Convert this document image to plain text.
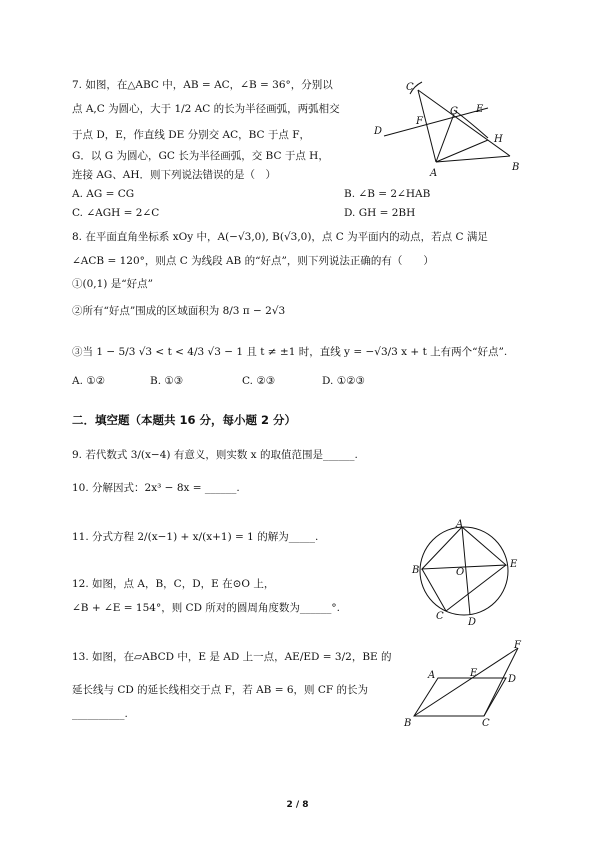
7. 如图，在△ABC 中，AB = AC，∠B = 36°，分别以
点 A,C 为圆心，大于 1/2 AC 的长为半径画弧，两弧相交
于点 D，E，作直线 DE 分别交 AC，BC 于点 F，
G．以 G 为圆心，GC 长为半径画弧，交 BC 于点 H，
连接 AG、AH．则下列说法错误的是（　）
A. AG = CG	B. ∠B = 2∠HAB
C. ∠AGH = 2∠C	D. GH = 2BH
C
D
F
G E
H
A
B
8. 在平面直角坐标系 xOy 中，A(−√3,0), B(√3,0)，点 C 为平面内的动点，若点 C 满足
∠ACB = 120°，则点 C 为线段 AB 的“好点”，则下列说法正确的有（　　）
①(0,1) 是“好点”
②所有“好点”围成的区域面积为 8/3 π − 2√3
③当 1 − 5/3 √3 < t < 4/3 √3 − 1 且 t ≠ ±1 时，直线 y = −√3/3 x + t 上有两个“好点”.
A. ①②	B. ①③	C. ②③	D. ①②③
二．填空题（本题共 16 分，每小题 2 分）
9. 若代数式 3/(x−4) 有意义，则实数 x 的取值范围是______.
10. 分解因式：2x³ − 8x = ______.
11. 分式方程 2/(x−1) + x/(x+1) = 1 的解为_____.
12. 如图，点 A，B，C，D，E 在⊙O 上，
∠B + ∠E = 154°，则 CD 所对的圆周角度数为______°.
A
B	O
E
C
D
13. 如图，在▱ABCD 中，E 是 AD 上一点，AE/ED = 3/2，BE 的
延长线与 CD 的延长线相交于点 F，若 AB = 6，则 CF 的长为
__________.
F
A	E
D
B	C
2 / 8
